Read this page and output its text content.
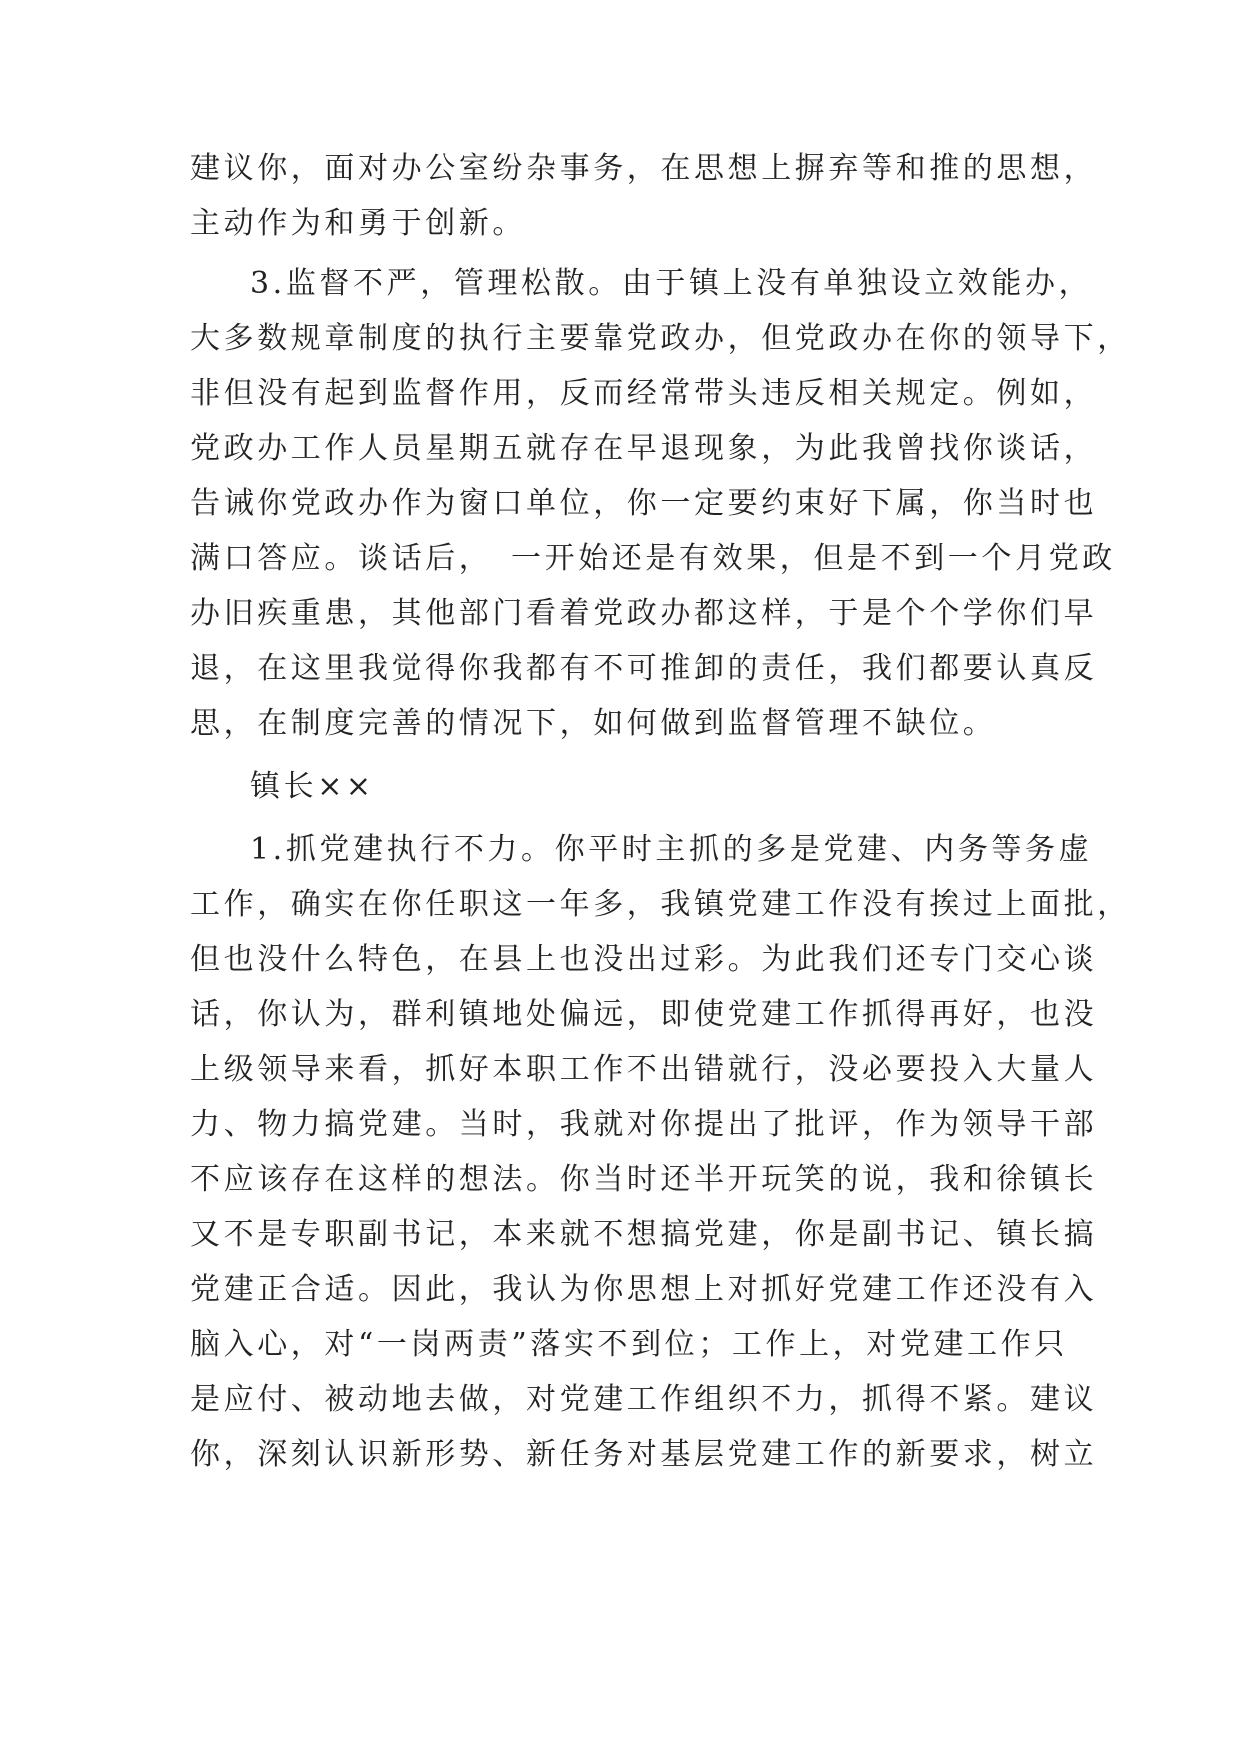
建议你，面对办公室纷杂事务，在思想上摒弃等和推的思想，
主动作为和勇于创新。
3.监督不严，管理松散。由于镇上没有单独设立效能办，
大多数规章制度的执行主要靠党政办，但党政办在你的领导下，
非但没有起到监督作用，反而经常带头违反相关规定。例如，
党政办工作人员星期五就存在早退现象，为此我曾找你谈话，
告诫你党政办作为窗口单位，你一定要约束好下属，你当时也
满口答应。谈话后，　一开始还是有效果，但是不到一个月党政
办旧疾重患，其他部门看着党政办都这样，于是个个学你们早
退，在这里我觉得你我都有不可推卸的责任，我们都要认真反
思，在制度完善的情况下，如何做到监督管理不缺位。
镇长××
1.抓党建执行不力。你平时主抓的多是党建、内务等务虚
工作，确实在你任职这一年多，我镇党建工作没有挨过上面批，
但也没什么特色，在县上也没出过彩。为此我们还专门交心谈
话，你认为，群利镇地处偏远，即使党建工作抓得再好，也没
上级领导来看，抓好本职工作不出错就行，没必要投入大量人
力、物力搞党建。当时，我就对你提出了批评，作为领导干部
不应该存在这样的想法。你当时还半开玩笑的说，我和徐镇长
又不是专职副书记，本来就不想搞党建，你是副书记、镇长搞
党建正合适。因此，我认为你思想上对抓好党建工作还没有入
脑入心，对“一岗两责”落实不到位；工作上，对党建工作只
是应付、被动地去做，对党建工作组织不力，抓得不紧。建议
你，深刻认识新形势、新任务对基层党建工作的新要求，树立
